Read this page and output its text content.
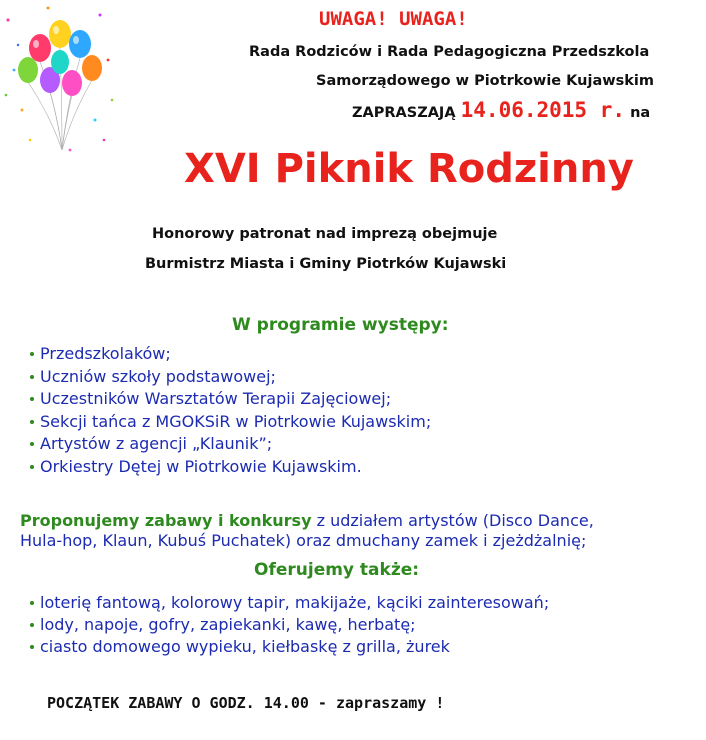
UWAGA! UWAGA!
Rada Rodziców i Rada Pedagogiczna Przedszkola
Samorządowego w Piotrkowie Kujawskim
ZAPRASZAJĄ 14.06.2015 r. na
XVI Piknik Rodzinny
Honorowy patronat nad imprezą obejmuje
Burmistrz Miasta i Gminy Piotrków Kujawski
W programie występy:
Przedszkolaków;
Uczniów szkoły podstawowej;
Uczestników Warsztatów Terapii Zajęciowej;
Sekcji tańca z MGOKSiR w Piotrkowie Kujawskim;
Artystów z agencji „Klaunik”;
Orkiestry Dętej w Piotrkowie Kujawskim.
Proponujemy zabawy i konkursy z udziałem artystów (Disco Dance,
Hula-hop, Klaun, Kubuś Puchatek) oraz dmuchany zamek i zjeżdżalnię;
Oferujemy także:
loterię fantową, kolorowy tapir, makijaże, kąciki zainteresowań;
lody, napoje, gofry, zapiekanki, kawę, herbatę;
ciasto domowego wypieku, kiełbaskę z grilla, żurek
POCZĄTEK ZABAWY O GODZ. 14.00 - zapraszamy !
